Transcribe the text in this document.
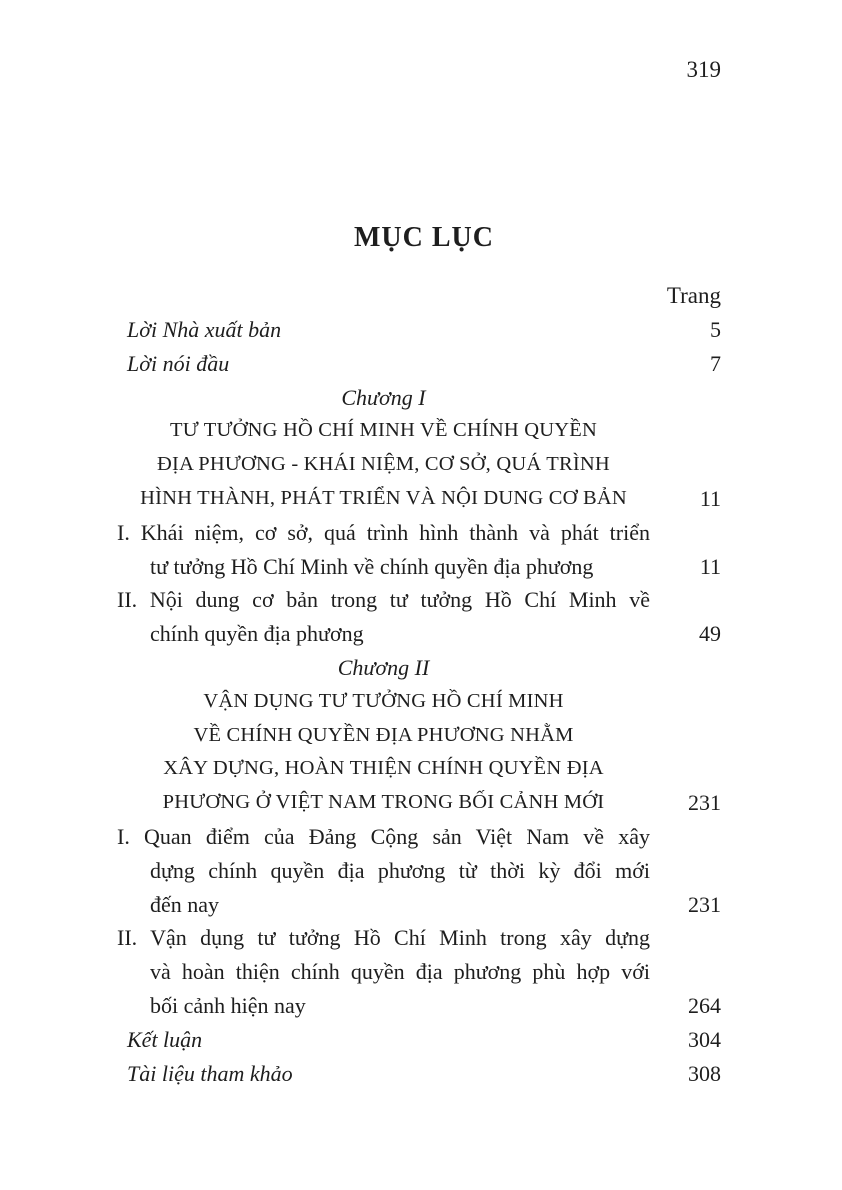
319
MỤC LỤC
Trang
Lời Nhà xuất bản	5
Lời nói đầu	7
Chương I
TƯ TƯỞNG HỒ CHÍ MINH VỀ CHÍNH QUYỀN
ĐỊA PHƯƠNG - KHÁI NIỆM, CƠ SỞ, QUÁ TRÌNH
HÌNH THÀNH, PHÁT TRIỂN VÀ NỘI DUNG CƠ BẢN	11
I. Khái niệm, cơ sở, quá trình hình thành và phát triển
tư tưởng Hồ Chí Minh về chính quyền địa phương	11
II. Nội dung cơ bản trong tư tưởng Hồ Chí Minh về
chính quyền địa phương	49
Chương II
VẬN DỤNG TƯ TƯỞNG HỒ CHÍ MINH
VỀ CHÍNH QUYỀN ĐỊA PHƯƠNG NHẰM
XÂY DỰNG, HOÀN THIỆN CHÍNH QUYỀN ĐỊA
PHƯƠNG Ở VIỆT NAM TRONG BỐI CẢNH MỚI	231
I. Quan điểm của Đảng Cộng sản Việt Nam về xây
dựng chính quyền địa phương từ thời kỳ đổi mới
đến nay	231
II. Vận dụng tư tưởng Hồ Chí Minh trong xây dựng
và hoàn thiện chính quyền địa phương phù hợp với
bối cảnh hiện nay	264
Kết luận	304
Tài liệu tham khảo	308
